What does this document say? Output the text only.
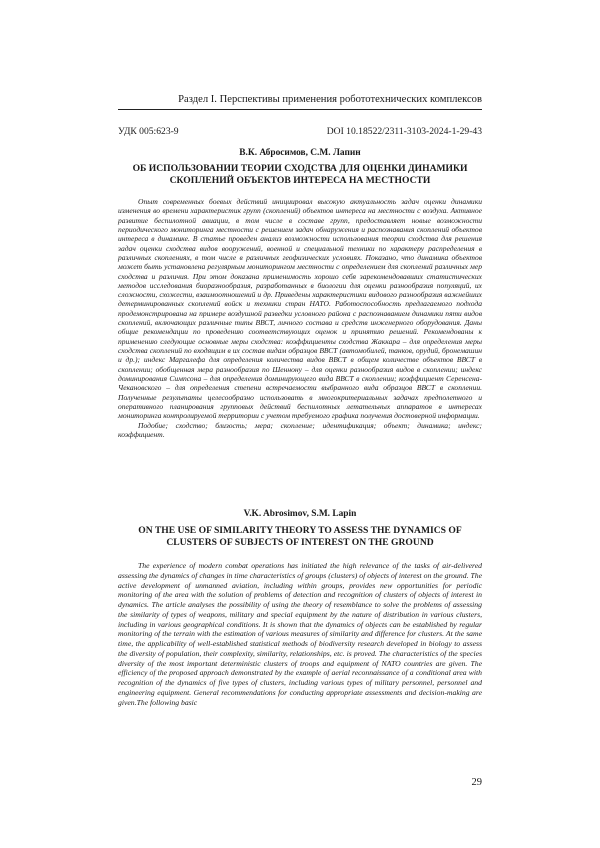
Раздел I. Перспективы применения робототехнических комплексов
УДК 005:623-9	DOI 10.18522/2311-3103-2024-1-29-43
В.К. Абросимов, С.М. Лапин
ОБ ИСПОЛЬЗОВАНИИ ТЕОРИИ СХОДСТВА ДЛЯ ОЦЕНКИ ДИНАМИКИ
СКОПЛЕНИЙ ОБЪЕКТОВ ИНТЕРЕСА НА МЕСТНОСТИ

Опыт современных боевых действий инициировал высокую актуальность задач оценки динамики изменения во времени характеристик групп (скоплений) объектов интереса на местности с воздуха. Активное развитие беспилотной авиации, в том числе в составе групп, предоставляет новые возможности периодического мониторинга местности с решением задач обнаружения и распознавания скоплений объектов интереса в динамике. В статье проведен анализ возможности использования теории сходства для решения задач оценки сходства видов вооружений, военной и специальной техники по характеру распределения в различных скоплениях, в том числе в различных геофизических условиях. Показано, что динамика объектов может быть установлена регулярным мониторингом местности с определением для скоплений различных мер сходства и различия. При этом доказана применимость хорошо себя зарекомендовавших статистических методов исследования биоразнообразия, разработанных в биологии для оценки разнообразия популяций, их сложности, схожести, взаимоотношений и др. Приведены характеристики видового разнообразия важнейших детерминированных скоплений войск и техники стран НАТО. Работоспособность предлагаемого подхода продемонстрирована на примере воздушной разведки условного района с распознаванием динамики пяти видов скоплений, включающих различные типы ВВСТ, личного состава и средств инженерного оборудования. Даны общие рекомендации по проведению соответствующих оценок и принятию решений. Рекомендованы к применению следующие основные меры сходства: коэффициенты сходства Жаккара – для определения меры сходства скоплений по входящим в их состав видам образцов ВВСТ (автомобилей, танков, орудий, бронемашин и др.); индекс Маргалефа для определения количества видов ВВСТ в общем количестве объектов ВВСТ в скоплении; обобщенная мера разнообразия по Шеннону – для оценки разнообразия видов в скоплении; индекс доминирования Симпсона – для определения доминирующего вида ВВСТ в скоплении; коэффициент Серенсена-Чекановского – для определения степени встречаемости выбранного вида образцов ВВСТ в скоплении. Полученные результаты целесообразно использовать в многокритериальных задачах предполетного и оперативного планирования групповых действий беспилотных летательных аппаратов в интересах мониторинга контролируемой территории с учетом требуемого графика получения достоверной информации.

Подобие; сходство; близость; мера; скопление; идентификация; объект; динамика; индекс; коэффициент.

V.K. Abrosimov, S.M. Lapin
ON THE USE OF SIMILARITY THEORY TO ASSESS THE DYNAMICS OF
CLUSTERS OF SUBJECTS OF INTEREST ON THE GROUND

The experience of modern combat operations has initiated the high relevance of the tasks of air-delivered assessing the dynamics of changes in time characteristics of groups (clusters) of objects of interest on the ground. The active development of unmanned aviation, including within groups, provides new opportunities for periodic monitoring of the area with the solution of problems of detection and recognition of clusters of objects of interest in dynamics. The article analyses the possibility of using the theory of resemblance to solve the problems of assessing the similarity of types of weapons, military and special equipment by the nature of distribution in various clusters, including in various geographical conditions. It is shown that the dynamics of objects can be established by regular monitoring of the terrain with the estimation of various measures of similarity and difference for clusters. At the same time, the applicability of well-established statistical methods of biodiversity research developed in biology to assess the diversity of population, their complexity, similarity, relationships, etc. is proved. The characteristics of the species diversity of the most important deterministic clusters of troops and equipment of NATO countries are given. The efficiency of the proposed approach demonstrated by the example of aerial reconnaissance of a conditional area with recognition of the dynamics of five types of clusters, including various types of military personnel, personnel and engineering equipment. General recommendations for conducting appropriate assessments and decision-making are given.The following basic

29
